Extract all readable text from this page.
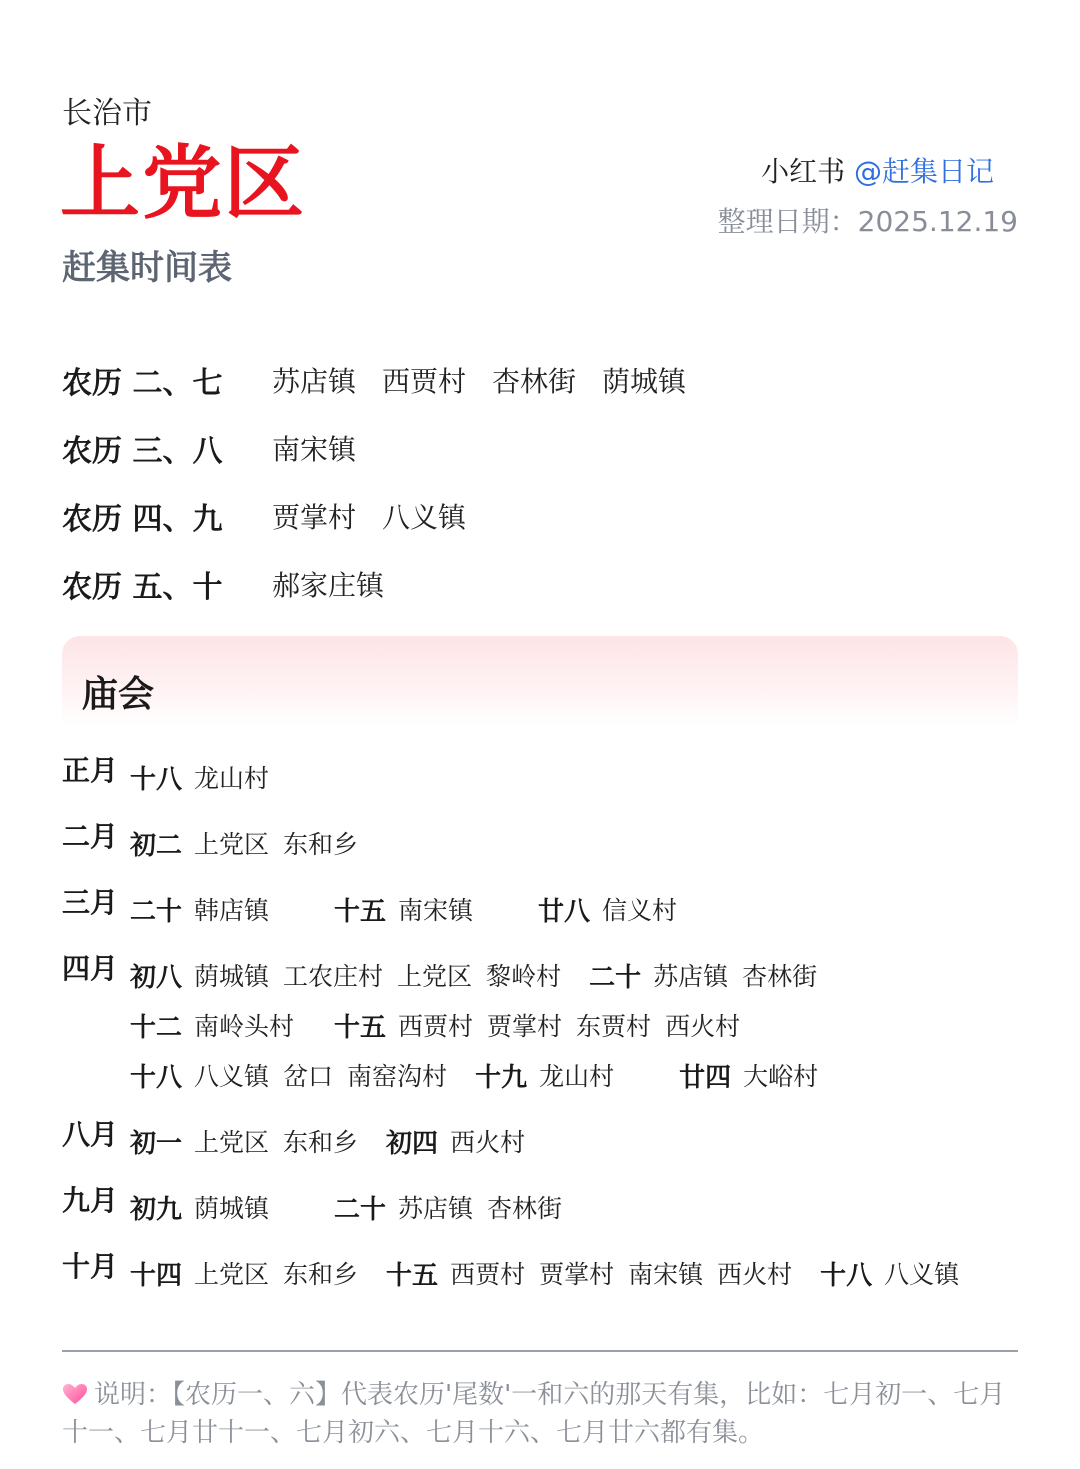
长治市
上党区
赶集时间表
小红书 @赶集日记
整理日期：2025.12.19
农历 二、七	苏店镇 西贾村 杏林街 荫城镇
农历 三、八	南宋镇
农历 四、九	贾掌村 八义镇
农历 五、十	郝家庄镇
庙会
正月 十八 龙山村
二月 初二 上党区 东和乡
三月 二十 韩店镇 十五 南宋镇 廿八 信义村
四月 初八 荫城镇 工农庄村 上党区 黎岭村 二十 苏店镇 杏林街
十二 南岭头村 十五 西贾村 贾掌村 东贾村 西火村
十八 八义镇 岔口 南窑沟村 十九 龙山村 廿四 大峪村
八月 初一 上党区 东和乡 初四 西火村
九月 初九 荫城镇 二十 苏店镇 杏林街
十月 十四 上党区 东和乡 十五 西贾村 贾掌村 南宋镇 西火村 十八 八义镇
说明：【农历一、六】代表农历'尾数'一和六的那天有集，比如：七月初一、七月十一、七月廿十一、七月初六、七月十六、七月廿六都有集。
